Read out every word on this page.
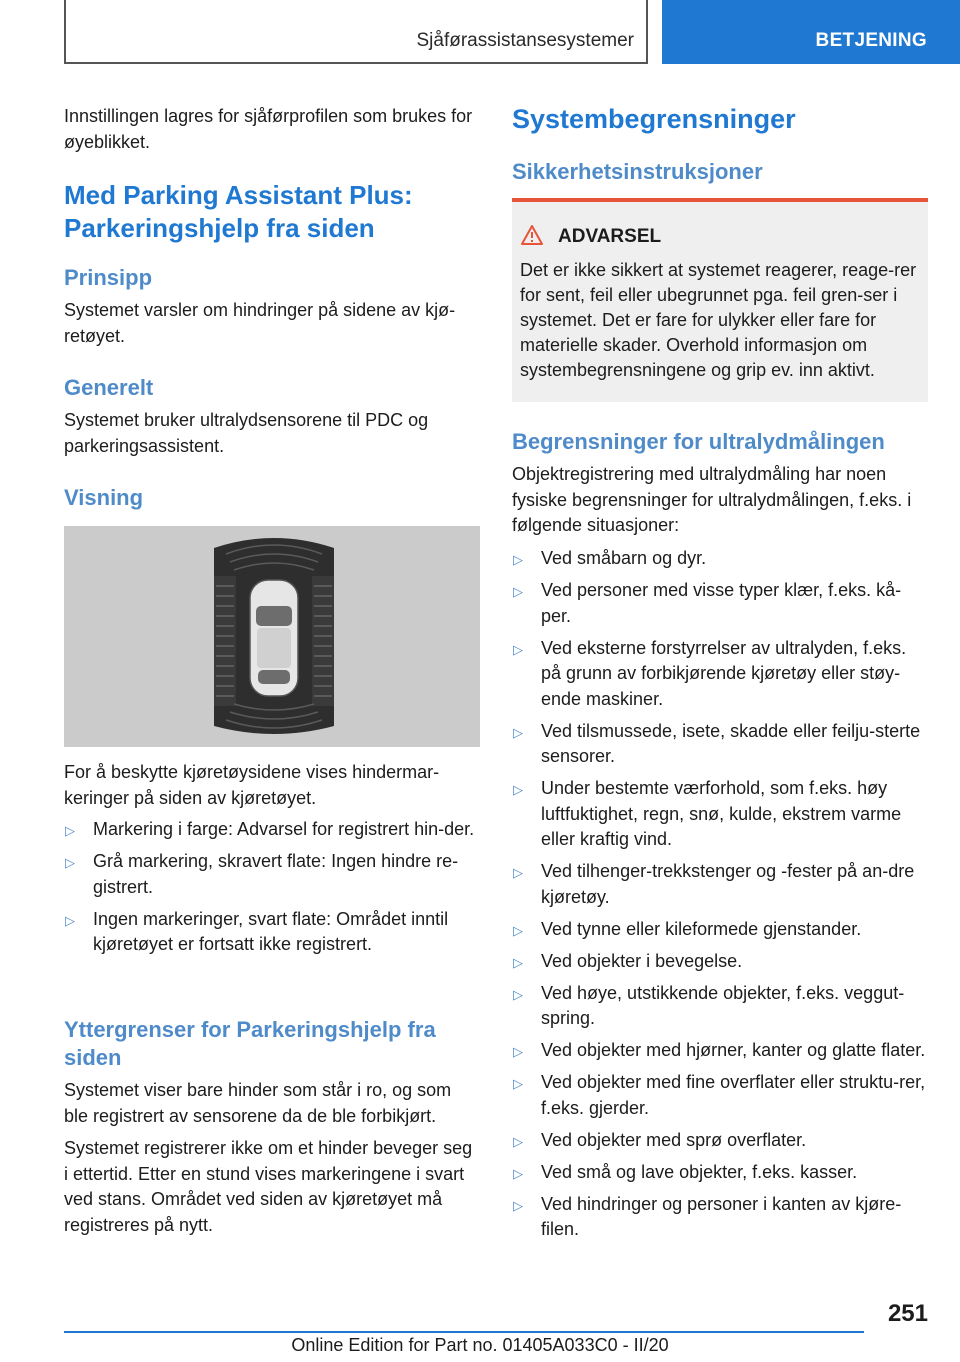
Sjåførassistansesystemer	BETJENING

Innstillingen lagres for sjåførprofilen som brukes for øyeblikket.

Med Parking Assistant Plus: Parkeringshjelp fra siden
Prinsipp

Systemet varsler om hindringer på sidene av kjø-retøyet.

Generelt

Systemet bruker ultralydsensorene til PDC og parkeringsassistent.

Visning

For å beskytte kjøretøysidene vises hindermar-keringer på siden av kjøretøyet.

▷ Markering i farge: Advarsel for registrert hin-der.
▷ Grå markering, skravert flate: Ingen hindre re-gistrert.
▷ Ingen markeringer, svart flate: Området inntil kjøretøyet er fortsatt ikke registrert.
Yttergrenser for Parkeringshjelp fra siden

Systemet viser bare hinder som står i ro, og som ble registrert av sensorene da de ble forbikjørt.

Systemet registrerer ikke om et hinder beveger seg i ettertid. Etter en stund vises markeringene i svart ved stans. Området ved siden av kjøretøyet må registreres på nytt.

Systembegrensninger
Sikkerhetsinstruksjoner
ADVARSEL

Det er ikke sikkert at systemet reagerer, reage-rer for sent, feil eller ubegrunnet pga. feil gren-ser i systemet. Det er fare for ulykker eller fare for materielle skader. Overhold informasjon om systembegrensningene og grip ev. inn aktivt.

Begrensninger for ultralydmålingen

Objektregistrering med ultralydmåling har noen fysiske begrensninger for ultralydmålingen, f.eks. i følgende situasjoner:

▷ Ved småbarn og dyr.
▷ Ved personer med visse typer klær, f.eks. kå-per.
▷ Ved eksterne forstyrrelser av ultralyden, f.eks. på grunn av forbikjørende kjøretøy eller støy-ende maskiner.
▷ Ved tilsmussede, isete, skadde eller feilju-sterte sensorer.
▷ Under bestemte værforhold, som f.eks. høy luftfuktighet, regn, snø, kulde, ekstrem varme eller kraftig vind.
▷ Ved tilhenger-trekkstenger og -fester på an-dre kjøretøy.
▷ Ved tynne eller kileformede gjenstander.
▷ Ved objekter i bevegelse.
▷ Ved høye, utstikkende objekter, f.eks. veggut-spring.
▷ Ved objekter med hjørner, kanter og glatte flater.
▷ Ved objekter med fine overflater eller struktu-rer, f.eks. gjerder.
▷ Ved objekter med sprø overflater.
▷ Ved små og lave objekter, f.eks. kasser.
▷ Ved hindringer og personer i kanten av kjøre-filen.
251
Online Edition for Part no. 01405A033C0 - II/20
